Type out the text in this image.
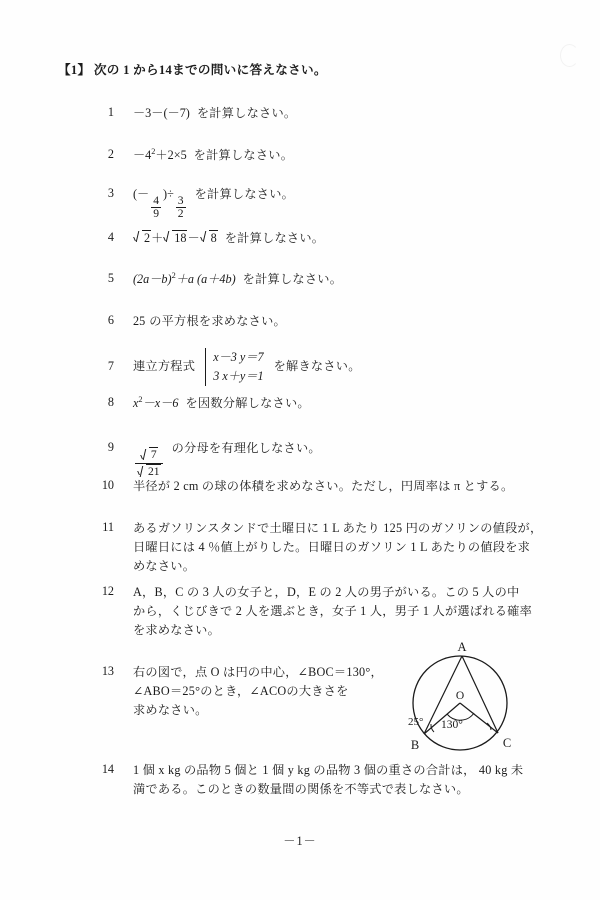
【1】 次の 1 から14までの問いに答えなさい。
1 －3－(－7) を計算しなさい。
$2 -4^2+2\times 5$ を計算しなさい。
3 (－
$\frac{4}{9}$
)÷
$\frac{3}{2}$
を計算しなさい。
4	2＋ 18－ 8 を計算しなさい。
5 $(2a-b)^2+a$ (a＋4b) を計算しなさい。
6 25 の平方根を求めなさい。
7 連立方程式
x－3 y＝7
3 x＋y＝1
を解きなさい。
8 $x^2-x-6$ を因数分解しなさい。
9
$\frac{7}{21}$ の分母を有理化しなさい。
10 半径が 2 cm の球の体積を求めなさい。ただし，円周率は π とする。
11 あるガソリンスタンドで土曜日に 1 L あたり 125 円のガソリンの値段が，
日曜日には 4 ％値上がりした。日曜日のガソリン 1 L あたりの値段を求
めなさい。
12 A，B，C の 3 人の女子と，D，E の 2 人の男子がいる。この 5 人の中
から，くじびきで 2 人を選ぶとき，女子 1 人，男子 1 人が選ばれる確率
を求めなさい。
13 右の図で，点 O は円の中心，∠BOC＝130°，
∠ABO＝25°のとき，∠ACOの大きさを
求めなさい。
A
B	C
O
25° 130°
14 1 個 x kg の品物 5 個と 1 個 y kg の品物 3 個の重さの合計は， 40 kg 未
満である。このときの数量間の関係を不等式で表しなさい。
－1－
